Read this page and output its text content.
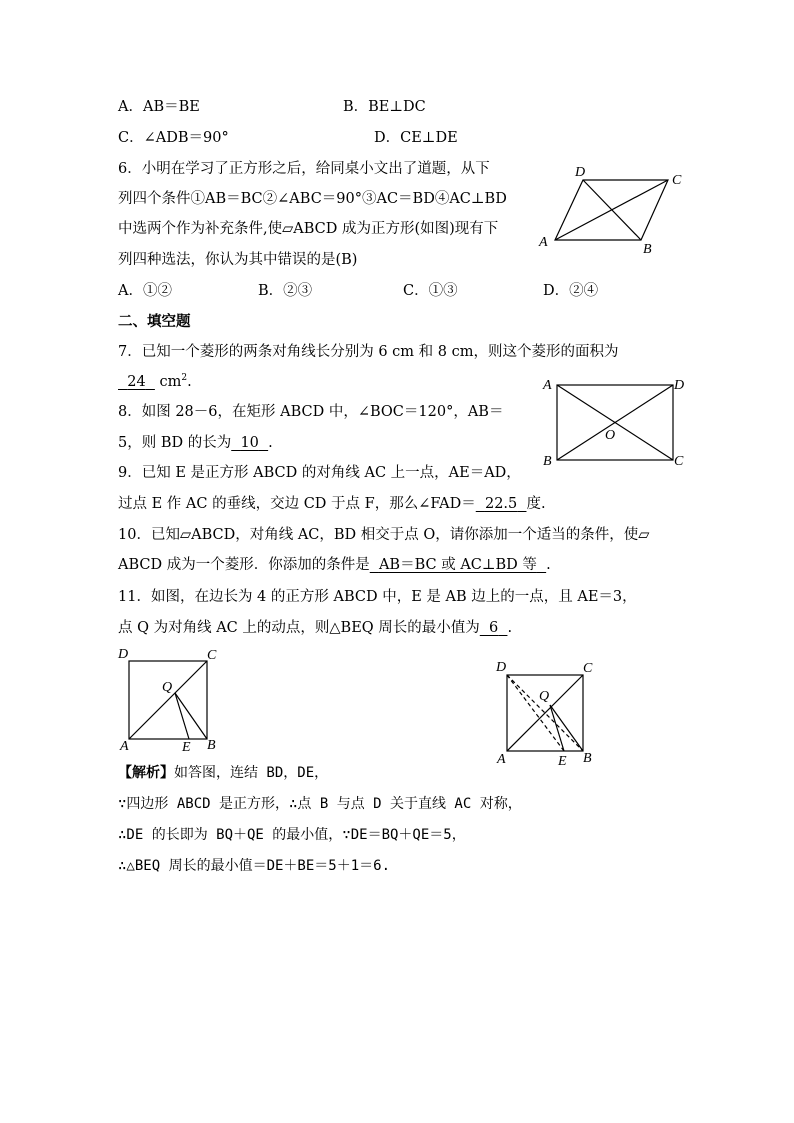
A．AB＝BE	B．BE⊥DC
C．∠ADB＝90°	D．CE⊥DE
6．小明在学习了正方形之后，给同桌小文出了道题，从下
列四个条件①AB＝BC②∠ABC＝90°③AC＝BD④AC⊥BD
中选两个作为补充条件,使▱ABCD 成为正方形(如图)现有下
列四种选法，你认为其中错误的是(B)
A．①②	B．②③	C．①③	D．②④
D
C
A	B
二、填空题
7．已知一个菱形的两条对角线长分别为 6 cm 和 8 cm，则这个菱形的面积为
24 $cm^2$.
8．如图 28－6，在矩形 ABCD 中，∠BOC＝120°，AB＝
5，则 BD 的长为 10 .
A	D
B	C
O
9．已知 E 是正方形 ABCD 的对角线 AC 上一点，AE＝AD，
过点 E 作 AC 的垂线，交边 CD 于点 F，那么∠FAD＝ 22.5 度.
10．已知▱ABCD，对角线 AC，BD 相交于点 O，请你添加一个适当的条件，使▱
ABCD 成为一个菱形．你添加的条件是 AB＝BC 或 AC⊥BD 等 .
11．如图，在边长为 4 的正方形 ABCD 中，E 是 AB 边上的一点，且 AE＝3，
点 Q 为对角线 AC 上的动点，则△BEQ 周长的最小值为 6 .
D	C
Q
A	E B
D	C
Q
A	E B
【解析】如答图，连结 BD，DE，
∵四边形 ABCD 是正方形，∴点 B 与点 D 关于直线 AC 对称，
∴DE 的长即为 BQ＋QE 的最小值，∵DE＝BQ＋QE＝5，
∴△BEQ 周长的最小值＝DE＋BE＝5＋1＝6.
